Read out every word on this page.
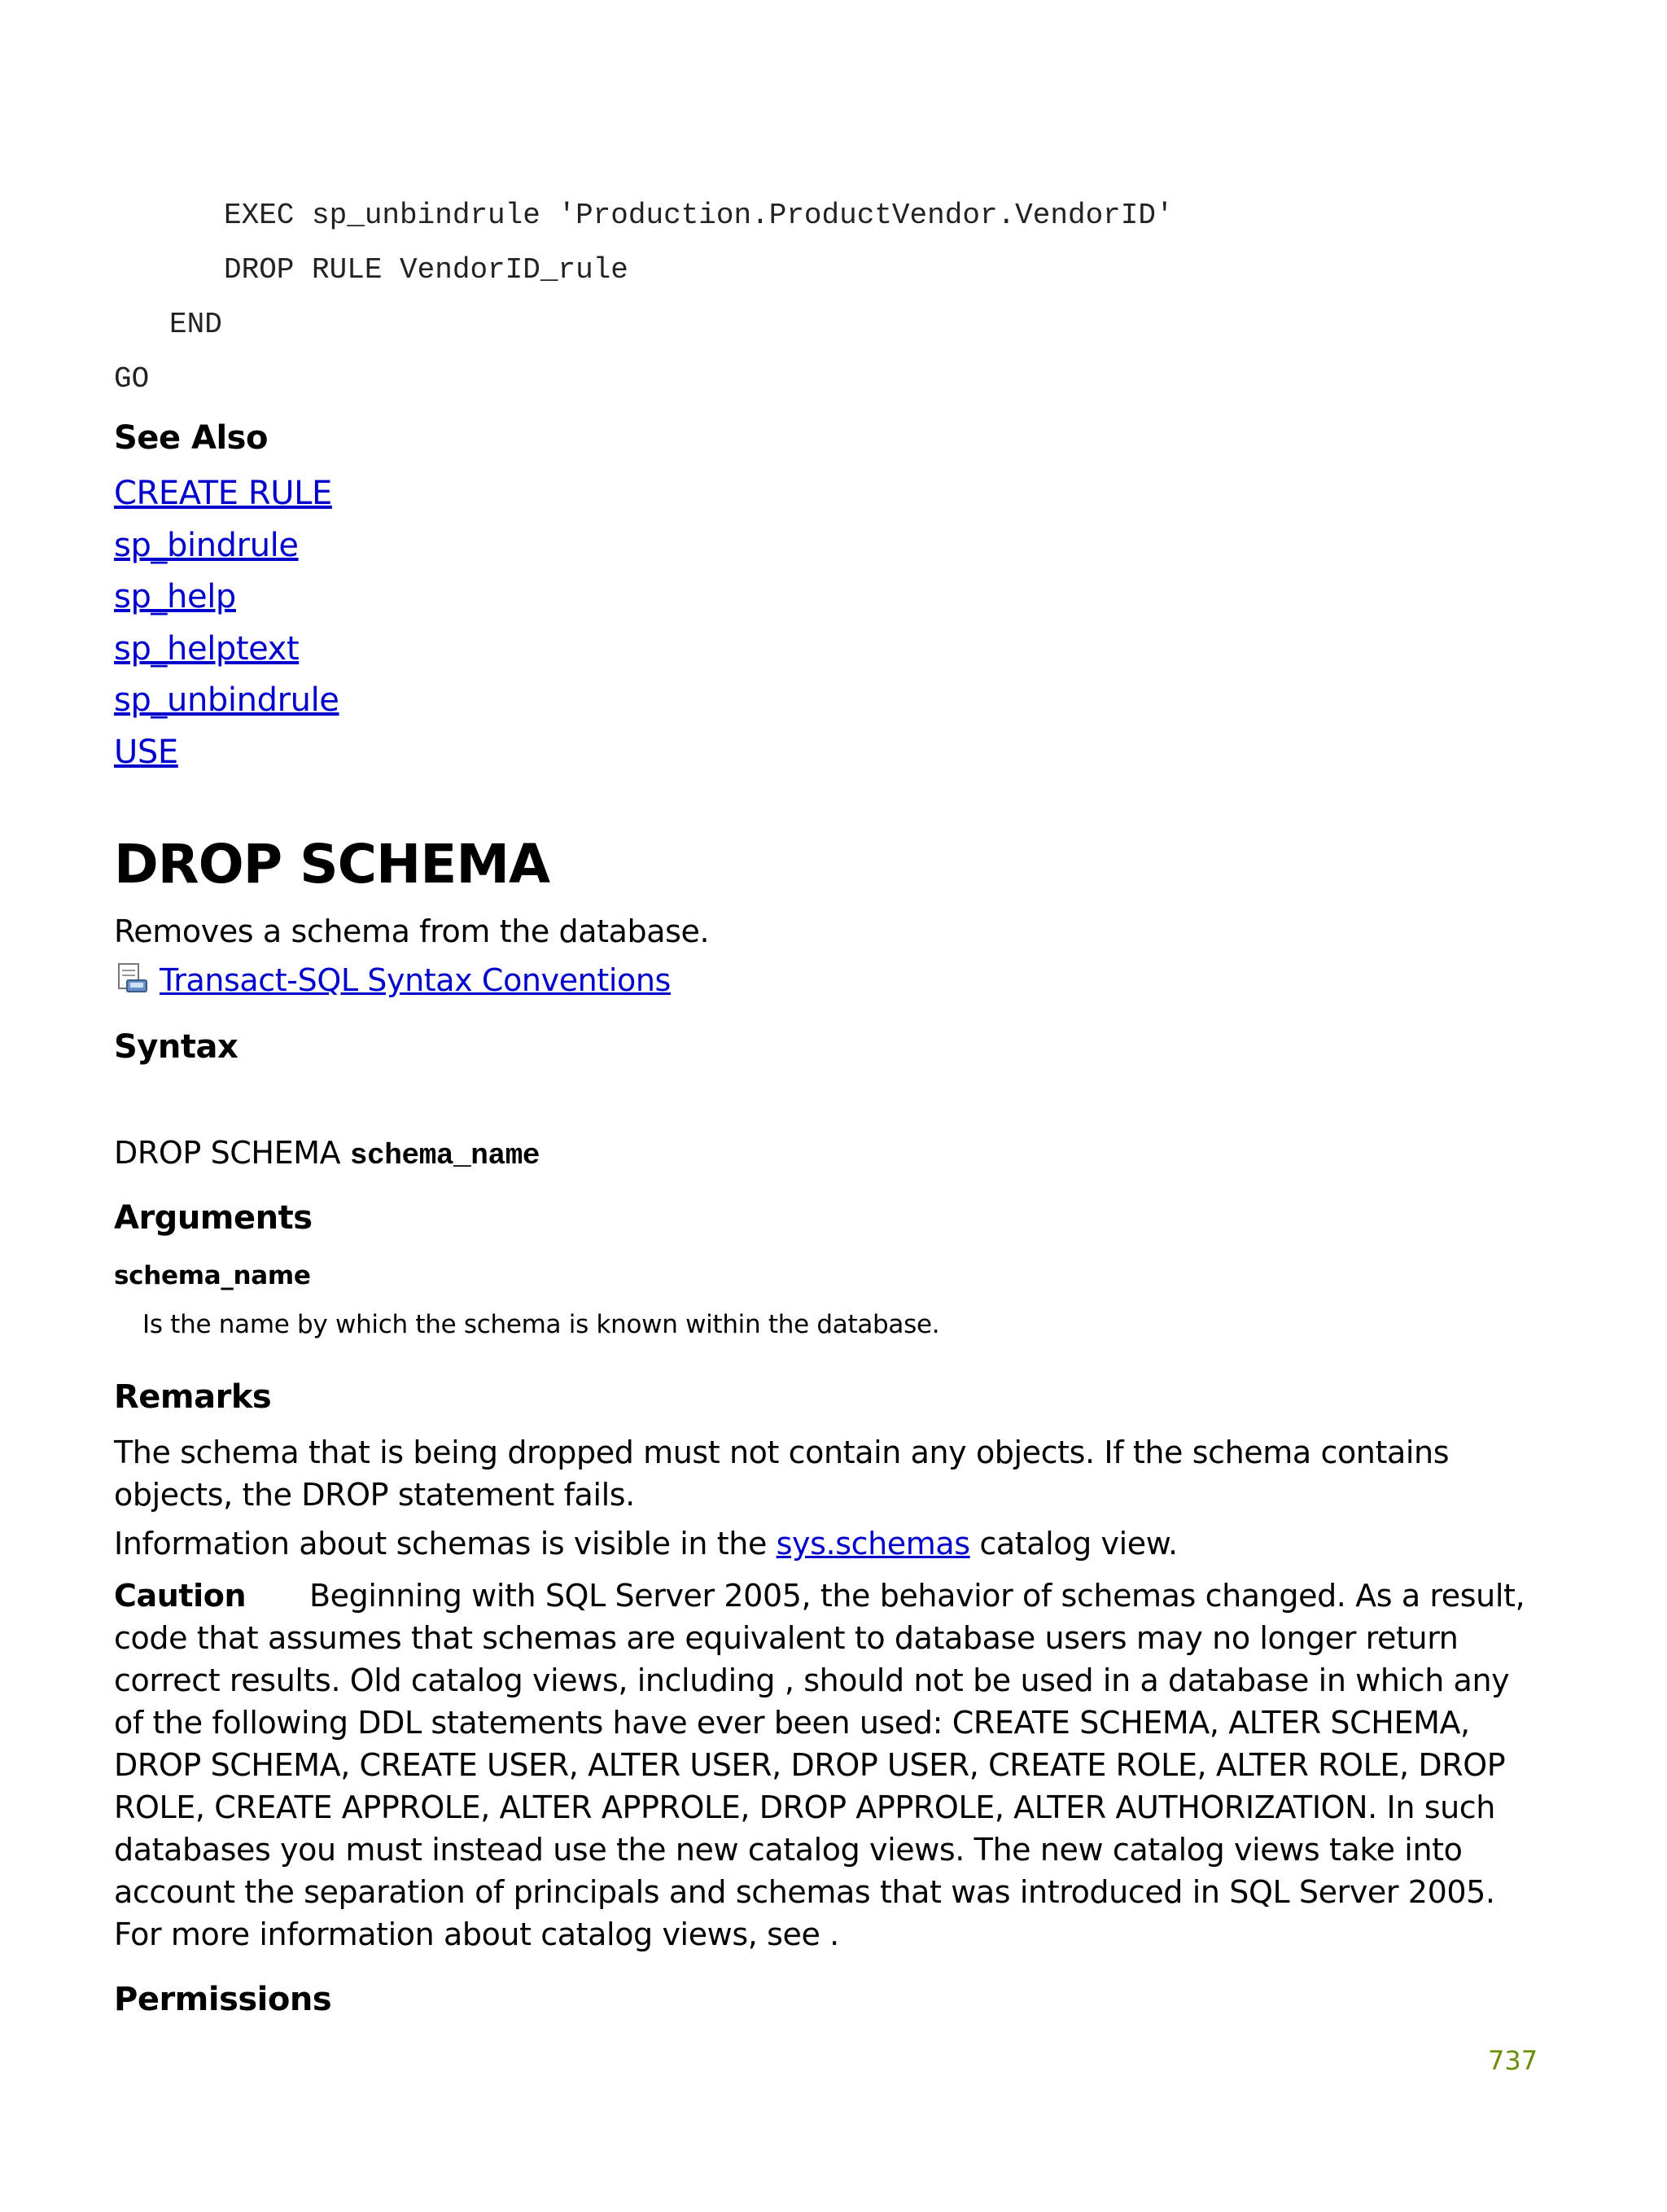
EXEC sp_unbindrule 'Production.ProductVendor.VendorID'
DROP RULE VendorID_rule
END
GO
See Also
CREATE RULE
sp_bindrule
sp_help
sp_helptext
sp_unbindrule
USE
DROP SCHEMA
Removes a schema from the database.
Transact-SQL Syntax Conventions
Syntax
DROP SCHEMA schema_name
Arguments
schema_name
Is the name by which the schema is known within the database.
Remarks
The schema that is being dropped must not contain any objects. If the schema contains objects, the DROP statement fails.
Information about schemas is visible in the sys.schemas catalog view.
Caution Beginning with SQL Server 2005, the behavior of schemas changed. As a result, code that assumes that schemas are equivalent to database users may no longer return correct results. Old catalog views, including , should not be used in a database in which any of the following DDL statements have ever been used: CREATE SCHEMA, ALTER SCHEMA, DROP SCHEMA, CREATE USER, ALTER USER, DROP USER, CREATE ROLE, ALTER ROLE, DROP ROLE, CREATE APPROLE, ALTER APPROLE, DROP APPROLE, ALTER AUTHORIZATION. In such databases you must instead use the new catalog views. The new catalog views take into account the separation of principals and schemas that was introduced in SQL Server 2005. For more information about catalog views, see .
Permissions
737
